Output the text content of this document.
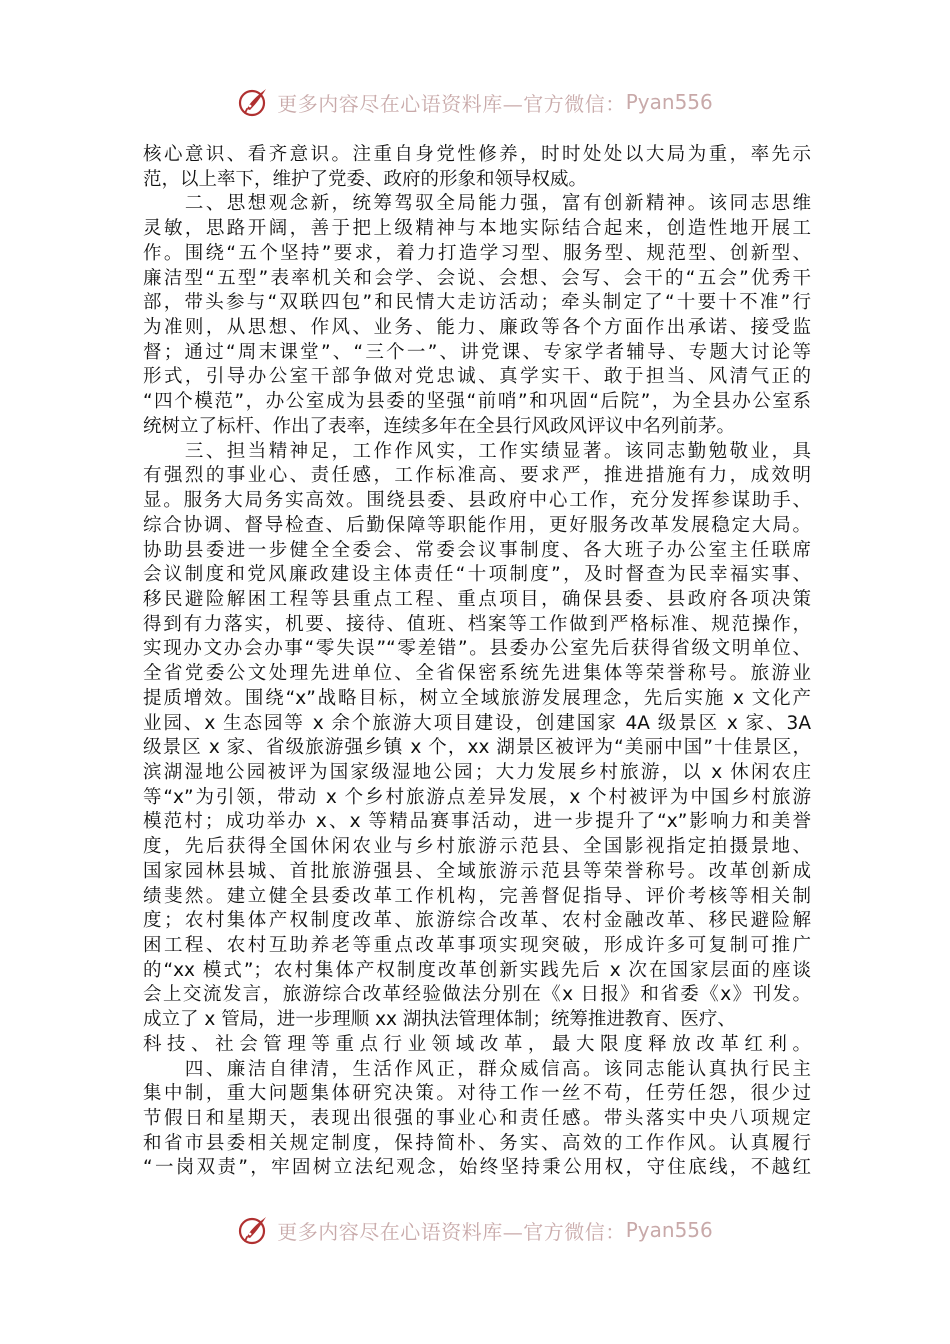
更多内容尽在心语资料库—官方微信： Pyan556
核心意识、看齐意识。注重自身党性修养，时时处处以大局为重，率先示
范，以上率下，维护了党委、政府的形象和领导权威。
　　二、思想观念新，统筹驾驭全局能力强，富有创新精神。该同志思维
灵敏，思路开阔，善于把上级精神与本地实际结合起来，创造性地开展工
作。围绕“五个坚持”要求，着力打造学习型、服务型、规范型、创新型、
廉洁型“五型”表率机关和会学、会说、会想、会写、会干的“五会”优秀干
部，带头参与“双联四包”和民情大走访活动；牵头制定了“十要十不准”行
为准则，从思想、作风、业务、能力、廉政等各个方面作出承诺、接受监
督；通过“周末课堂”、“三个一”、讲党课、专家学者辅导、专题大讨论等
形式，引导办公室干部争做对党忠诚、真学实干、敢于担当、风清气正的
“四个模范”，办公室成为县委的坚强“前哨”和巩固“后院”，为全县办公室系
统树立了标杆、作出了表率，连续多年在全县行风政风评议中名列前茅。
　　三、担当精神足，工作作风实，工作实绩显著。该同志勤勉敬业，具
有强烈的事业心、责任感，工作标准高、要求严，推进措施有力，成效明
显。服务大局务实高效。围绕县委、县政府中心工作，充分发挥参谋助手、
综合协调、督导检查、后勤保障等职能作用，更好服务改革发展稳定大局。
协助县委进一步健全全委会、常委会议事制度、各大班子办公室主任联席
会议制度和党风廉政建设主体责任“十项制度”，及时督查为民幸福实事、
移民避险解困工程等县重点工程、重点项目，确保县委、县政府各项决策
得到有力落实，机要、接待、值班、档案等工作做到严格标准、规范操作，
实现办文办会办事“零失误”“零差错”。县委办公室先后获得省级文明单位、
全省党委公文处理先进单位、全省保密系统先进集体等荣誉称号。旅游业
提质增效。围绕“x”战略目标，树立全域旅游发展理念，先后实施 x 文化产
业园、x 生态园等 x 余个旅游大项目建设，创建国家 4A 级景区 x 家、3A
级景区 x 家、省级旅游强乡镇 x 个，xx 湖景区被评为“美丽中国”十佳景区，
滨湖湿地公园被评为国家级湿地公园；大力发展乡村旅游，以 x 休闲农庄
等“x”为引领，带动 x 个乡村旅游点差异发展，x 个村被评为中国乡村旅游
模范村；成功举办 x、x 等精品赛事活动，进一步提升了“x”影响力和美誉
度，先后获得全国休闲农业与乡村旅游示范县、全国影视指定拍摄景地、
国家园林县城、首批旅游强县、全域旅游示范县等荣誉称号。改革创新成
绩斐然。建立健全县委改革工作机构，完善督促指导、评价考核等相关制
度；农村集体产权制度改革、旅游综合改革、农村金融改革、移民避险解
困工程、农村互助养老等重点改革事项实现突破，形成许多可复制可推广
的“xx 模式”；农村集体产权制度改革创新实践先后 x 次在国家层面的座谈
会上交流发言，旅游综合改革经验做法分别在《x 日报》和省委《x》刊发。
成立了 x 管局，进一步理顺 xx 湖执法管理体制；统筹推进教育、医疗、
科技、社会管理等重点行业领域改革，最大限度释放改革红利。
　　四、廉洁自律清，生活作风正，群众威信高。该同志能认真执行民主
集中制，重大问题集体研究决策。对待工作一丝不苟，任劳任怨，很少过
节假日和星期天，表现出很强的事业心和责任感。带头落实中央八项规定
和省市县委相关规定制度，保持简朴、务实、高效的工作作风。认真履行
“一岗双责”，牢固树立法纪观念，始终坚持秉公用权，守住底线，不越红
更多内容尽在心语资料库—官方微信： Pyan556
